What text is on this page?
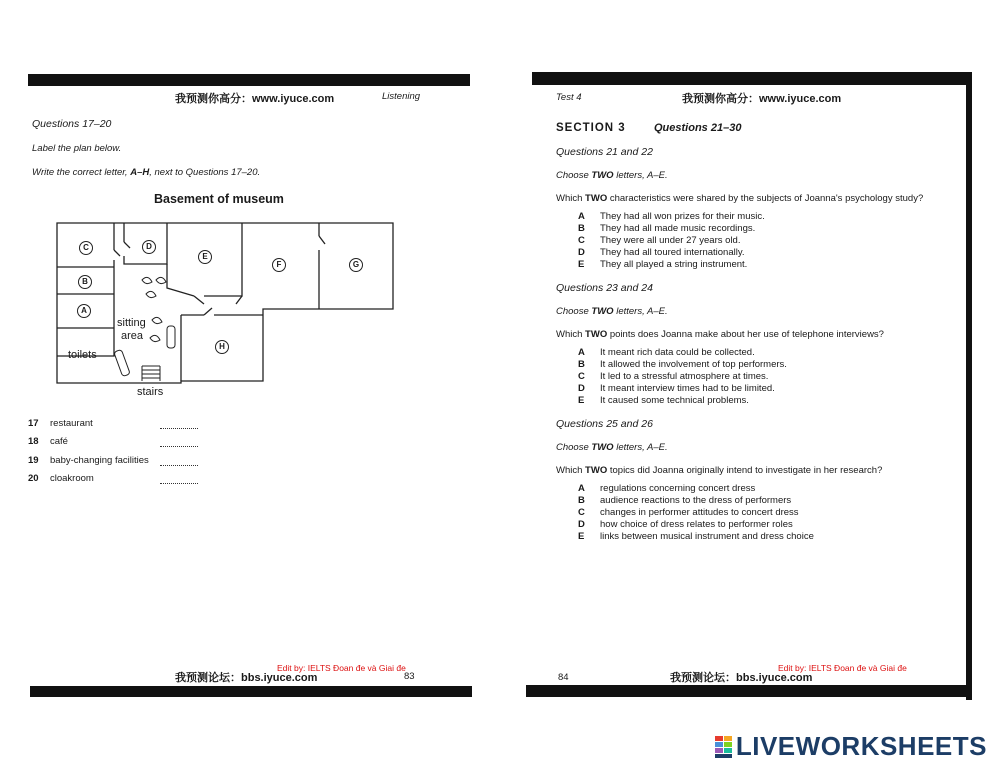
我预测你高分：www.iyuce.com	Listening
Questions 17–20
Label the plan below.
Write the correct letter, A–H, next to Questions 17–20.
Basement of museum
C	D
E
F	G
B
A
H
sitting
area
toilets
stairs
17 restaurant
18 café
19 baby-changing facilities
20 cloakroom
Edit by: IELTS Đoan đe và Giai đe
我预测论坛：bbs.iyuce.com	83
Test 4	我预测你高分：www.iyuce.com
SECTION 3	Questions 21–30
Questions 21 and 22
Choose TWO letters, A–E.
Which TWO characteristics were shared by the subjects of Joanna's psychology study?
A They had all won prizes for their music.
B They had all made music recordings.
C They were all under 27 years old.
D They had all toured internationally.
E They all played a string instrument.
Questions 23 and 24
Choose TWO letters, A–E.
Which TWO points does Joanna make about her use of telephone interviews?
A It meant rich data could be collected.
B It allowed the involvement of top performers.
C It led to a stressful atmosphere at times.
D It meant interview times had to be limited.
E It caused some technical problems.
Questions 25 and 26
Choose TWO letters, A–E.
Which TWO topics did Joanna originally intend to investigate in her research?
A regulations concerning concert dress
B audience reactions to the dress of performers
C changes in performer attitudes to concert dress
D how choice of dress relates to performer roles
E links between musical instrument and dress choice
Edit by: IELTS Đoan đe và Giai đe
84	我预测论坛：bbs.iyuce.com
LIVEWORKSHEETS
